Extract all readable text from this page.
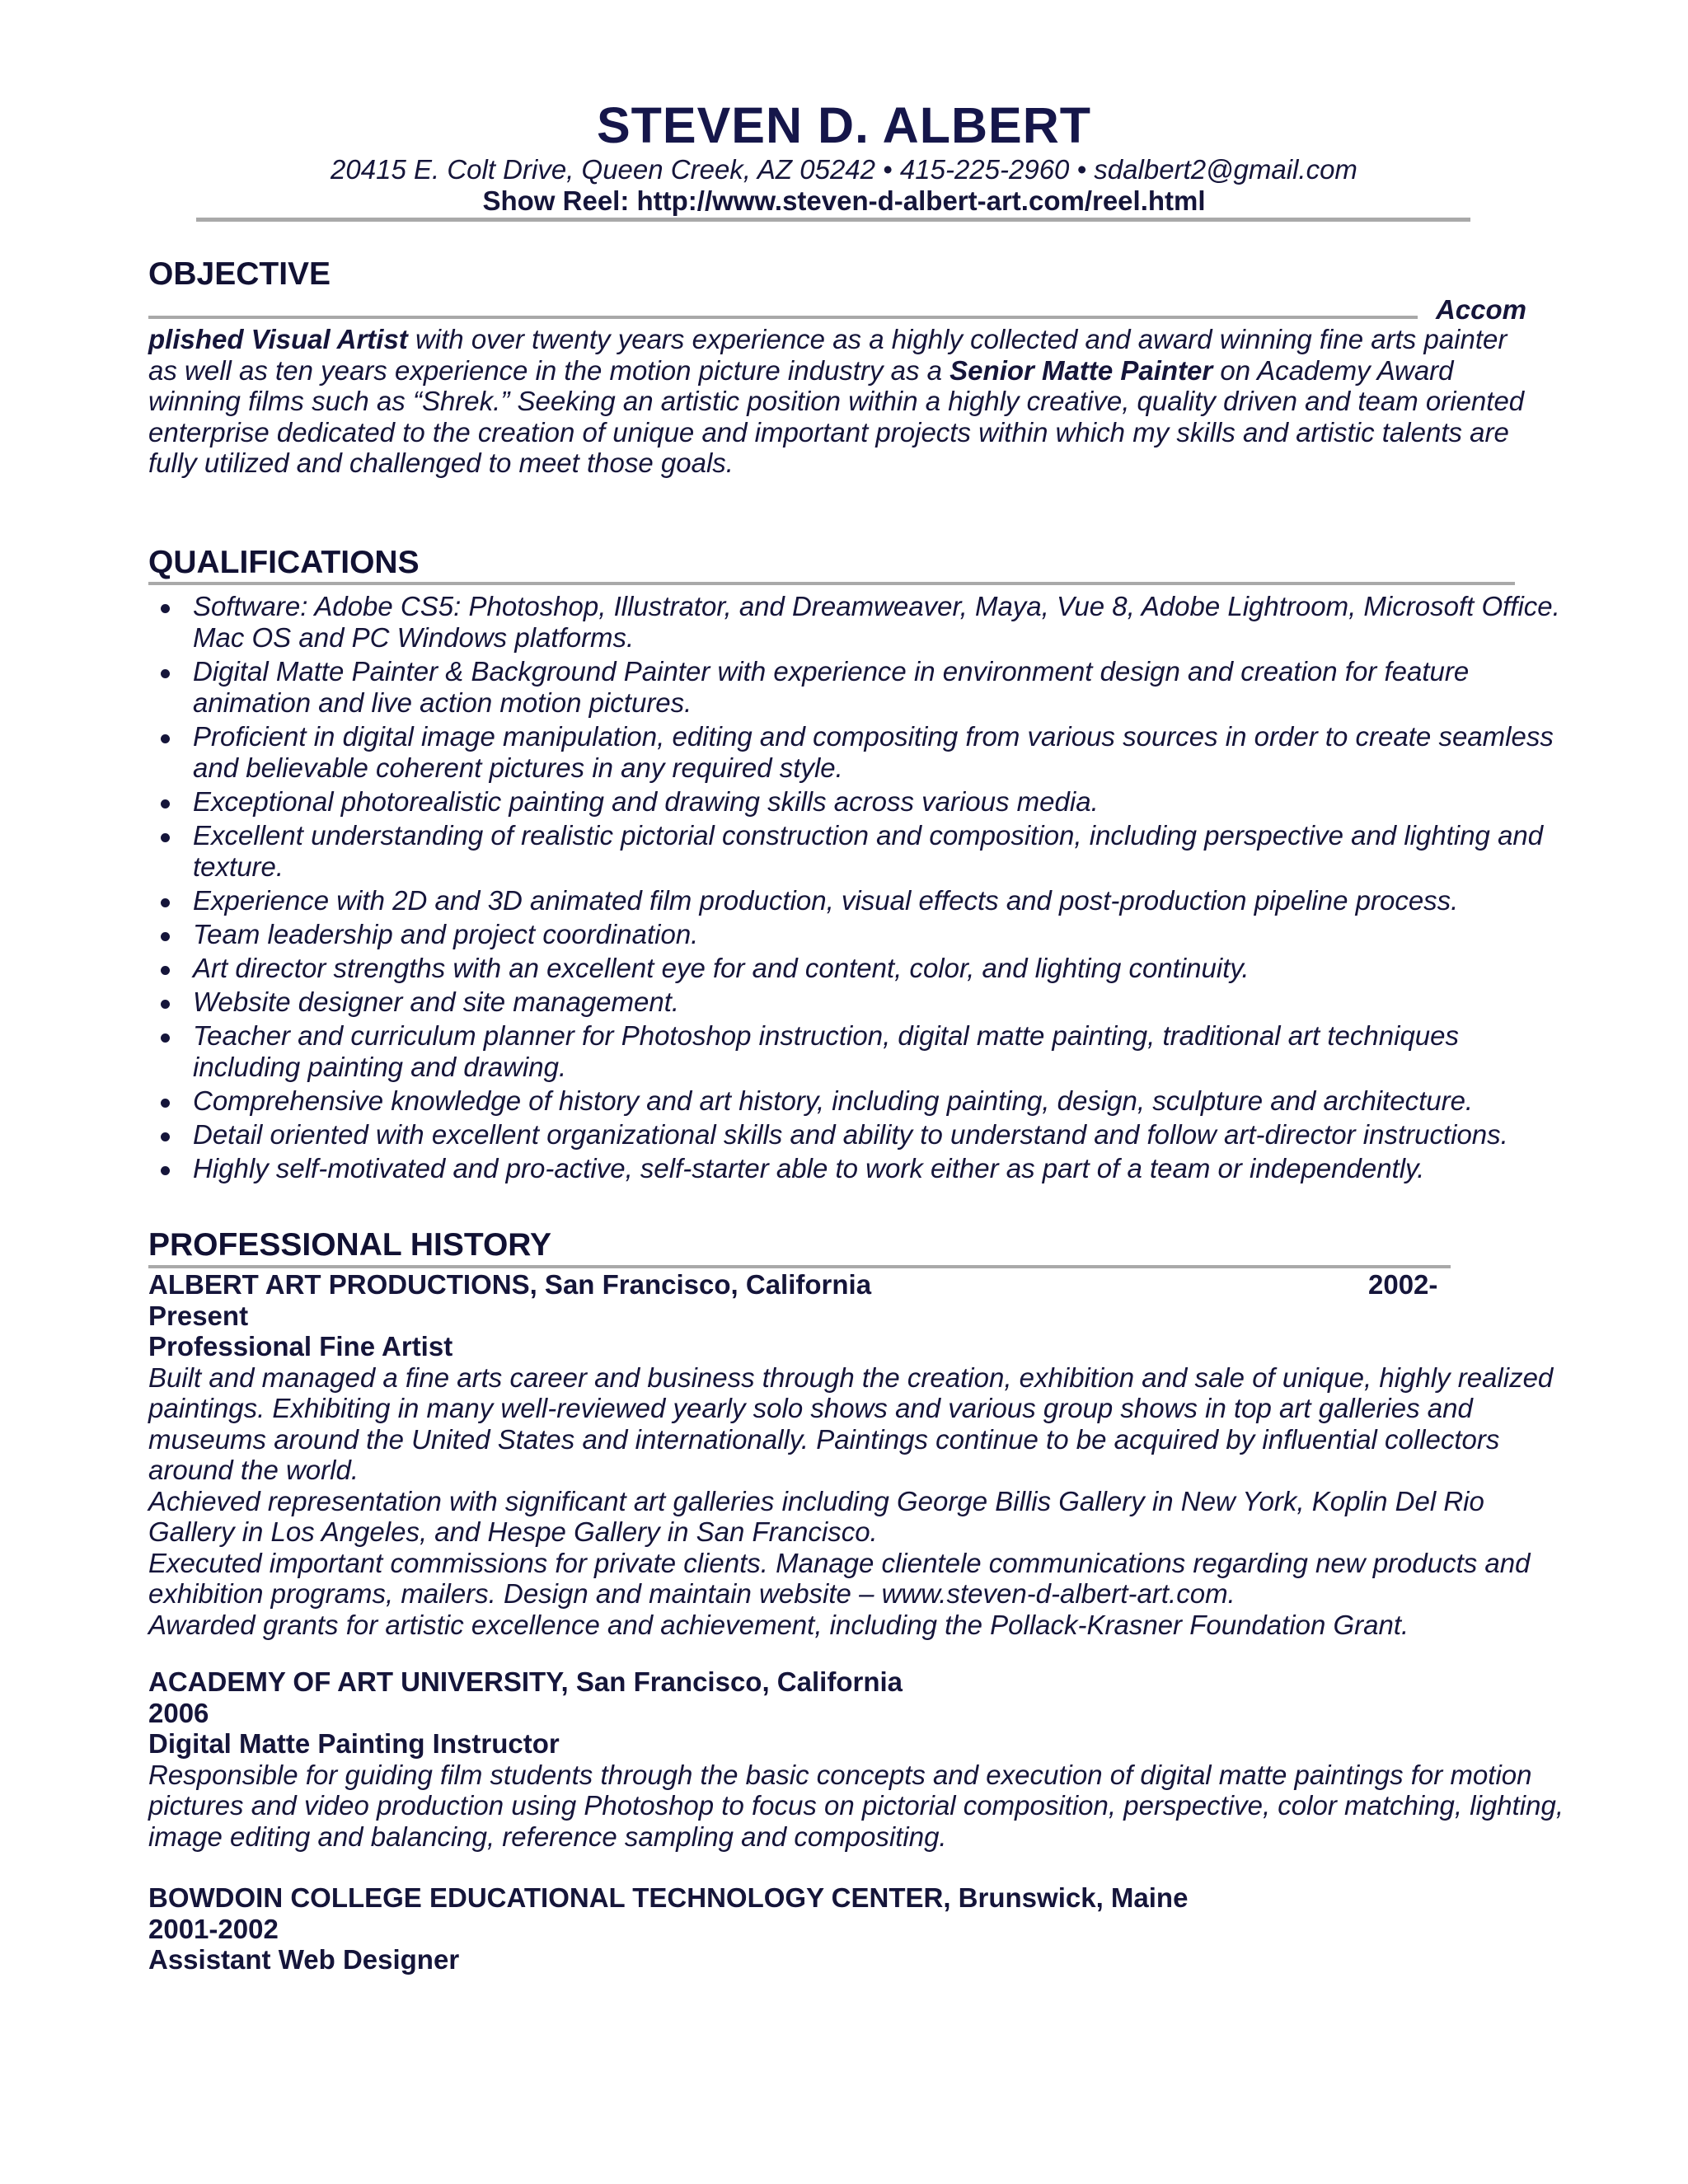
STEVEN D. ALBERT
20415 E. Colt Drive, Queen Creek, AZ 05242 • 415-225-2960 • sdalbert2@gmail.com
Show Reel: http://www.steven-d-albert-art.com/reel.html
OBJECTIVE
Accom
plished Visual Artist with over twenty years experience as a highly collected and award winning fine arts painter as well as ten years experience in the motion picture industry as a Senior Matte Painter on Academy Award winning films such as “Shrek.” Seeking an artistic position within a highly creative, quality driven and team oriented enterprise dedicated to the creation of unique and important projects within which my skills and artistic talents are fully utilized and challenged to meet those goals.
QUALIFICATIONS
Software: Adobe CS5: Photoshop, Illustrator, and Dreamweaver, Maya, Vue 8, Adobe Lightroom, Microsoft Office. Mac OS and PC Windows platforms.
Digital Matte Painter & Background Painter with experience in environment design and creation for feature animation and live action motion pictures.
Proficient in digital image manipulation, editing and compositing from various sources in order to create seamless and believable coherent pictures in any required style.
Exceptional photorealistic painting and drawing skills across various media.
Excellent understanding of realistic pictorial construction and composition, including perspective and lighting and texture.
Experience with 2D and 3D animated film production, visual effects and post-production pipeline process.
Team leadership and project coordination.
Art director strengths with an excellent eye for and content, color, and lighting continuity.
Website designer and site management.
Teacher and curriculum planner for Photoshop instruction, digital matte painting, traditional art techniques including painting and drawing.
Comprehensive knowledge of history and art history, including painting, design, sculpture and architecture.
Detail oriented with excellent organizational skills and ability to understand and follow art-director instructions.
Highly self-motivated and pro-active, self-starter able to work either as part of a team or independently.
PROFESSIONAL HISTORY
ALBERT ART PRODUCTIONS, San Francisco, California	2002-
Present
Professional Fine Artist
Built and managed a fine arts career and business through the creation, exhibition and sale of unique, highly realized paintings. Exhibiting in many well-reviewed yearly solo shows and various group shows in top art galleries and museums around the United States and internationally. Paintings continue to be acquired by influential collectors around the world.
Achieved representation with significant art galleries including George Billis Gallery in New York, Koplin Del Rio Gallery in Los Angeles, and Hespe Gallery in San Francisco.
Executed important commissions for private clients. Manage clientele communications regarding new products and exhibition programs, mailers. Design and maintain website – www.steven-d-albert-art.com.
Awarded grants for artistic excellence and achievement, including the Pollack-Krasner Foundation Grant.
ACADEMY OF ART UNIVERSITY, San Francisco, California
2006
Digital Matte Painting Instructor
Responsible for guiding film students through the basic concepts and execution of digital matte paintings for motion pictures and video production using Photoshop to focus on pictorial composition, perspective, color matching, lighting, image editing and balancing, reference sampling and compositing.
BOWDOIN COLLEGE EDUCATIONAL TECHNOLOGY CENTER, Brunswick, Maine
2001-2002
Assistant Web Designer
